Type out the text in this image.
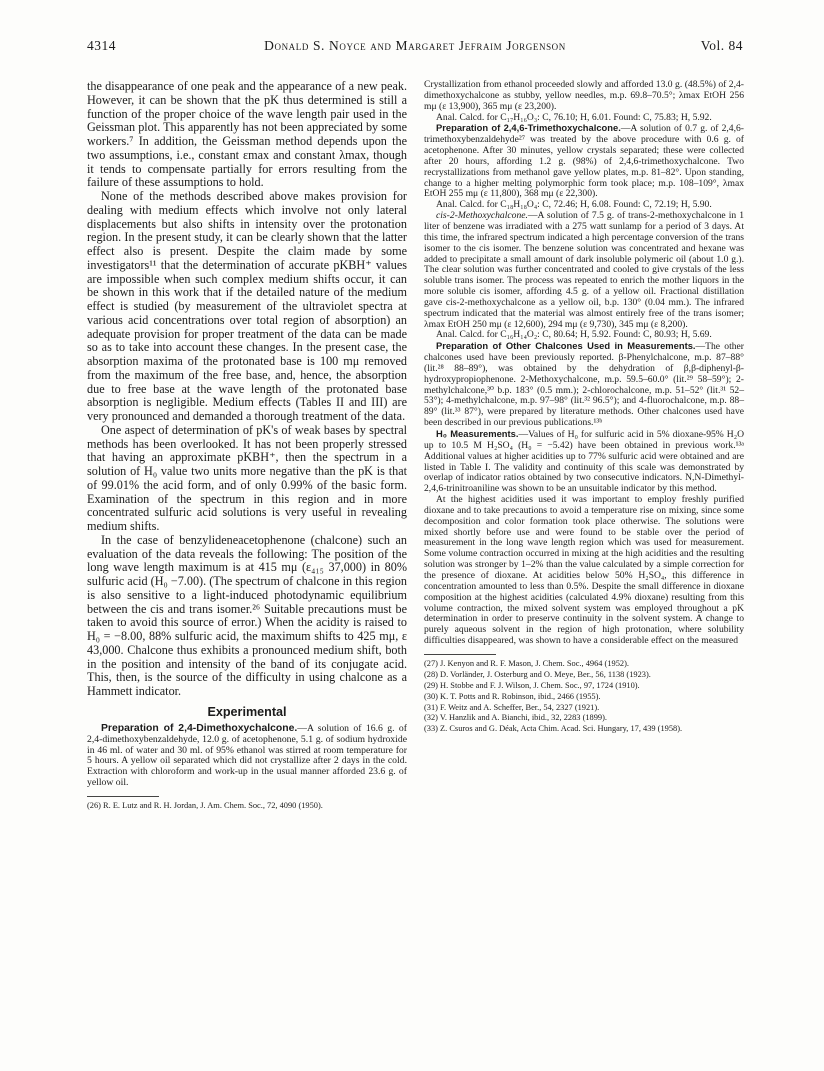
4314	Donald S. Noyce and Margaret Jefraim Jorgenson	Vol. 84

the disappearance of one peak and the appearance of a new peak. However, it can be shown that the pK thus determined is still a function of the proper choice of the wave length pair used in the Geissman plot. This apparently has not been appreciated by some workers.⁷ In addition, the Geissman method depends upon the two assumptions, i.e., constant εmax and constant λmax, though it tends to compensate partially for errors resulting from the failure of these assumptions to hold.

None of the methods described above makes provision for dealing with medium effects which involve not only lateral displacements but also shifts in intensity over the protonation region. In the present study, it can be clearly shown that the latter effect also is present. Despite the claim made by some investigators¹¹ that the determination of accurate pKBH⁺ values are impossible when such complex medium shifts occur, it can be shown in this work that if the detailed nature of the medium effect is studied (by measurement of the ultraviolet spectra at various acid concentrations over total region of absorption) an adequate provision for proper treatment of the data can be made so as to take into account these changes. In the present case, the absorption maxima of the protonated base is 100 mμ removed from the maximum of the free base, and, hence, the absorption due to free base at the wave length of the protonated base absorption is negligible. Medium effects (Tables II and III) are very pronounced and demanded a thorough treatment of the data.

One aspect of determination of pK's of weak bases by spectral methods has been overlooked. It has not been properly stressed that having an approximate pKBH⁺, then the spectrum in a solution of H₀ value two units more negative than the pK is that of 99.01% the acid form, and of only 0.99% of the basic form. Examination of the spectrum in this region and in more concentrated sulfuric acid solutions is very useful in revealing medium shifts.

In the case of benzylideneacetophenone (chalcone) such an evaluation of the data reveals the following: The position of the long wave length maximum is at 415 mμ (ε₄₁₅ 37,000) in 80% sulfuric acid (H₀ −7.00). (The spectrum of chalcone in this region is also sensitive to a light-induced photodynamic equilibrium between the cis and trans isomer.²⁶ Suitable precautions must be taken to avoid this source of error.) When the acidity is raised to H₀ = −8.00, 88% sulfuric acid, the maximum shifts to 425 mμ, ε 43,000. Chalcone thus exhibits a pronounced medium shift, both in the position and intensity of the band of its conjugate acid. This, then, is the source of the difficulty in using chalcone as a Hammett indicator.

Experimental

Preparation of 2,4-Dimethoxychalcone.—A solution of 16.6 g. of 2,4-dimethoxybenzaldehyde, 12.0 g. of acetophenone, 5.1 g. of sodium hydroxide in 46 ml. of water and 30 ml. of 95% ethanol was stirred at room temperature for 5 hours. A yellow oil separated which did not crystallize after 2 days in the cold. Extraction with chloroform and work-up in the usual manner afforded 23.6 g. of yellow oil.

(26) R. E. Lutz and R. H. Jordan, J. Am. Chem. Soc., 72, 4090 (1950).

Crystallization from ethanol proceeded slowly and afforded 13.0 g. (48.5%) of 2,4-dimethoxychalcone as stubby, yellow needles, m.p. 69.8–70.5°; λmax EtOH 256 mμ (ε 13,900), 365 mμ (ε 23,200).

Anal. Calcd. for C₁₇H₁₆O₃: C, 76.10; H, 6.01. Found: C, 75.83; H, 5.92.

Preparation of 2,4,6-Trimethoxychalcone.—A solution of 0.7 g. of 2,4,6-trimethoxybenzaldehyde²⁷ was treated by the above procedure with 0.6 g. of acetophenone. After 30 minutes, yellow crystals separated; these were collected after 20 hours, affording 1.2 g. (98%) of 2,4,6-trimethoxychalcone. Two recrystallizations from methanol gave yellow plates, m.p. 81–82°. Upon standing, change to a higher melting polymorphic form took place; m.p. 108–109°, λmax EtOH 255 mμ (ε 11,800), 368 mμ (ε 22,300).

Anal. Calcd. for C₁₈H₁₈O₄: C, 72.46; H, 6.08. Found: C, 72.19; H, 5.90.

cis-2-Methoxychalcone.—A solution of 7.5 g. of trans-2-methoxychalcone in 1 liter of benzene was irradiated with a 275 watt sunlamp for a period of 3 days. At this time, the infrared spectrum indicated a high percentage conversion of the trans isomer to the cis isomer. The benzene solution was concentrated and hexane was added to precipitate a small amount of dark insoluble polymeric oil (about 1.0 g.). The clear solution was further concentrated and cooled to give crystals of the less soluble trans isomer. The process was repeated to enrich the mother liquors in the more soluble cis isomer, affording 4.5 g. of a yellow oil. Fractional distillation gave cis-2-methoxychalcone as a yellow oil, b.p. 130° (0.04 mm.). The infrared spectrum indicated that the material was almost entirely free of the trans isomer; λmax EtOH 250 mμ (ε 12,600), 294 mμ (ε 9,730), 345 mμ (ε 8,200).

Anal. Calcd. for C₁₆H₁₄O₂: C, 80.64; H, 5.92. Found: C, 80.93; H, 5.69.

Preparation of Other Chalcones Used in Measurements.—The other chalcones used have been previously reported. β-Phenylchalcone, m.p. 87–88° (lit.²⁸ 88–89°), was obtained by the dehydration of β,β-diphenyl-β-hydroxypropiophenone. 2-Methoxychalcone, m.p. 59.5–60.0° (lit.²⁹ 58–59°); 2-methylchalcone,³⁰ b.p. 183° (0.5 mm.); 2-chlorochalcone, m.p. 51–52° (lit.³¹ 52–53°); 4-methylchalcone, m.p. 97–98° (lit.³² 96.5°); and 4-fluorochalcone, m.p. 88–89° (lit.³³ 87°), were prepared by literature methods. Other chalcones used have been described in our previous publications.¹³ᵇ

H₀ Measurements.—Values of H₀ for sulfuric acid in 5% dioxane-95% H₂O up to 10.5 M H₂SO₄ (H₀ = −5.42) have been obtained in previous work.¹³ᵃ Additional values at higher acidities up to 77% sulfuric acid were obtained and are listed in Table I. The validity and continuity of this scale was demonstrated by overlap of indicator ratios obtained by two consecutive indicators. N,N-Dimethyl-2,4,6-trinitroaniline was shown to be an unsuitable indicator by this method.

At the highest acidities used it was important to employ freshly purified dioxane and to take precautions to avoid a temperature rise on mixing, since some decomposition and color formation took place otherwise. The solutions were mixed shortly before use and were found to be stable over the period of measurement in the long wave length region which was used for measurement. Some volume contraction occurred in mixing at the high acidities and the resulting solution was stronger by 1–2% than the value calculated by a simple correction for the presence of dioxane. At acidities below 50% H₂SO₄, this difference in concentration amounted to less than 0.5%. Despite the small difference in dioxane composition at the highest acidities (calculated 4.9% dioxane) resulting from this volume contraction, the mixed solvent system was employed throughout a pK determination in order to preserve continuity in the solvent system. A change to purely aqueous solvent in the region of high protonation, where solubility difficulties disappeared, was shown to have a considerable effect on the measured

(27) J. Kenyon and R. F. Mason, J. Chem. Soc., 4964 (1952).
(28) D. Vorländer, J. Osterburg and O. Meye, Ber., 56, 1138 (1923).
(29) H. Stobbe and F. J. Wilson, J. Chem. Soc., 97, 1724 (1910).
(30) K. T. Potts and R. Robinson, ibid., 2466 (1955).
(31) F. Weitz and A. Scheffer, Ber., 54, 2327 (1921).
(32) V. Hanzlik and A. Bianchi, ibid., 32, 2283 (1899).
(33) Z. Csuros and G. Déak, Acta Chim. Acad. Sci. Hungary, 17, 439 (1958).
